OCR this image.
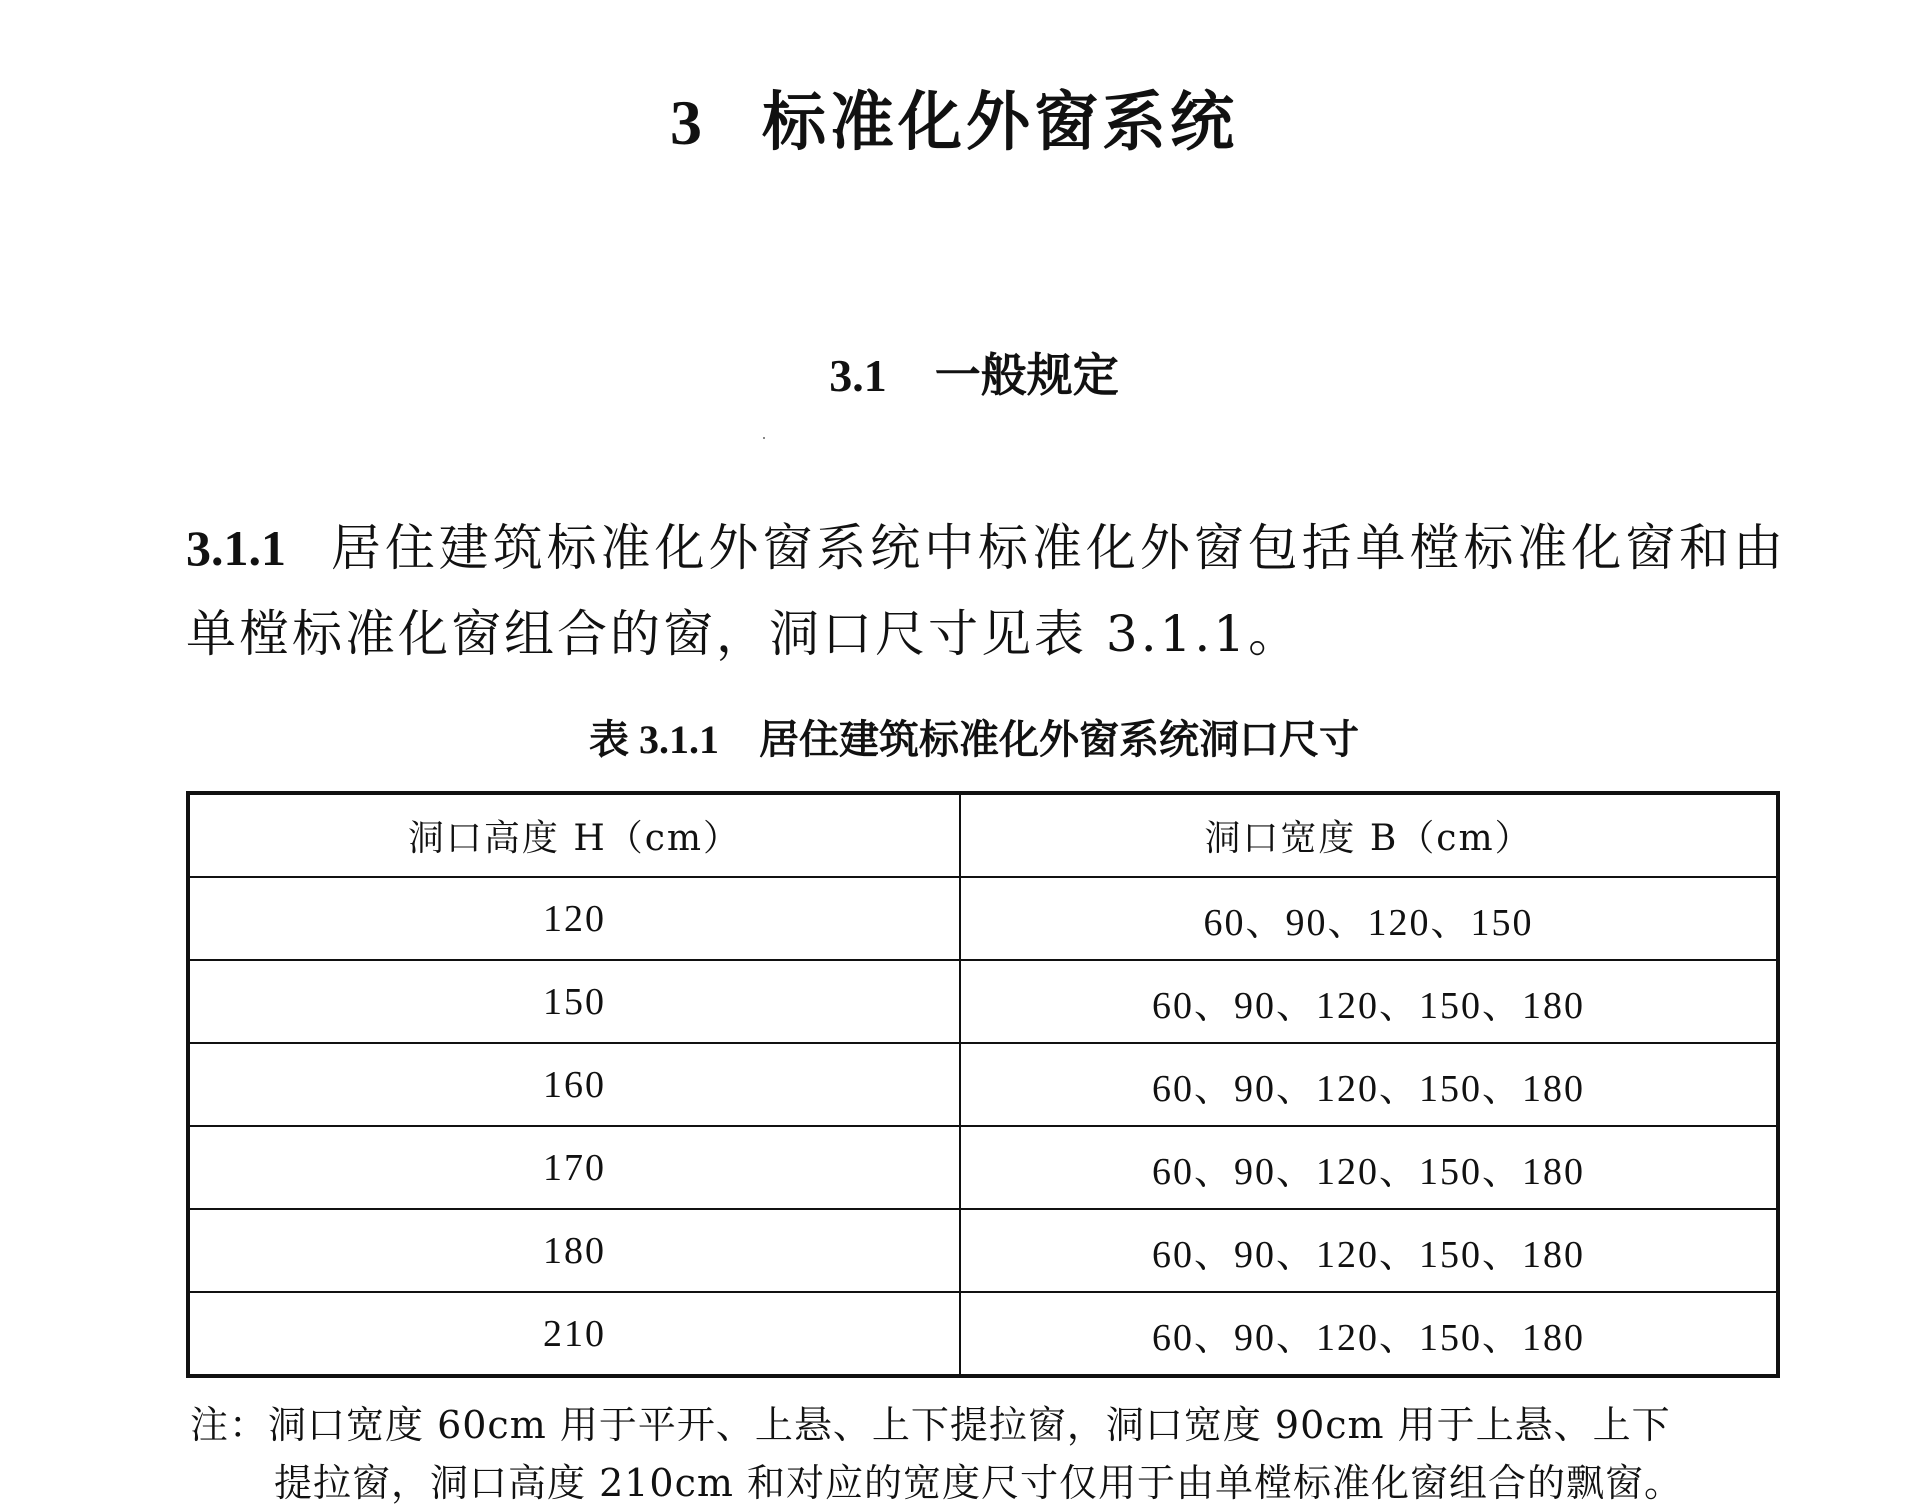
3 标准化外窗系统
3.1 一般规定
3.1.1 居住建筑标准化外窗系统中标准化外窗包括单樘标准化窗和由单樘标准化窗组合的窗，洞口尺寸见表 3.1.1。
表 3.1.1 居住建筑标准化外窗系统洞口尺寸
洞口高度 H（cm）	洞口宽度 B（cm）
120	60、90、120、150
150	60、90、120、150、180
160	60、90、120、150、180
170	60、90、120、150、180
180	60、90、120、150、180
210	60、90、120、150、180
注：洞口宽度 60cm 用于平开、上悬、上下提拉窗，洞口宽度 90cm 用于上悬、上下
提拉窗，洞口高度 210cm 和对应的宽度尺寸仅用于由单樘标准化窗组合的飘窗。
